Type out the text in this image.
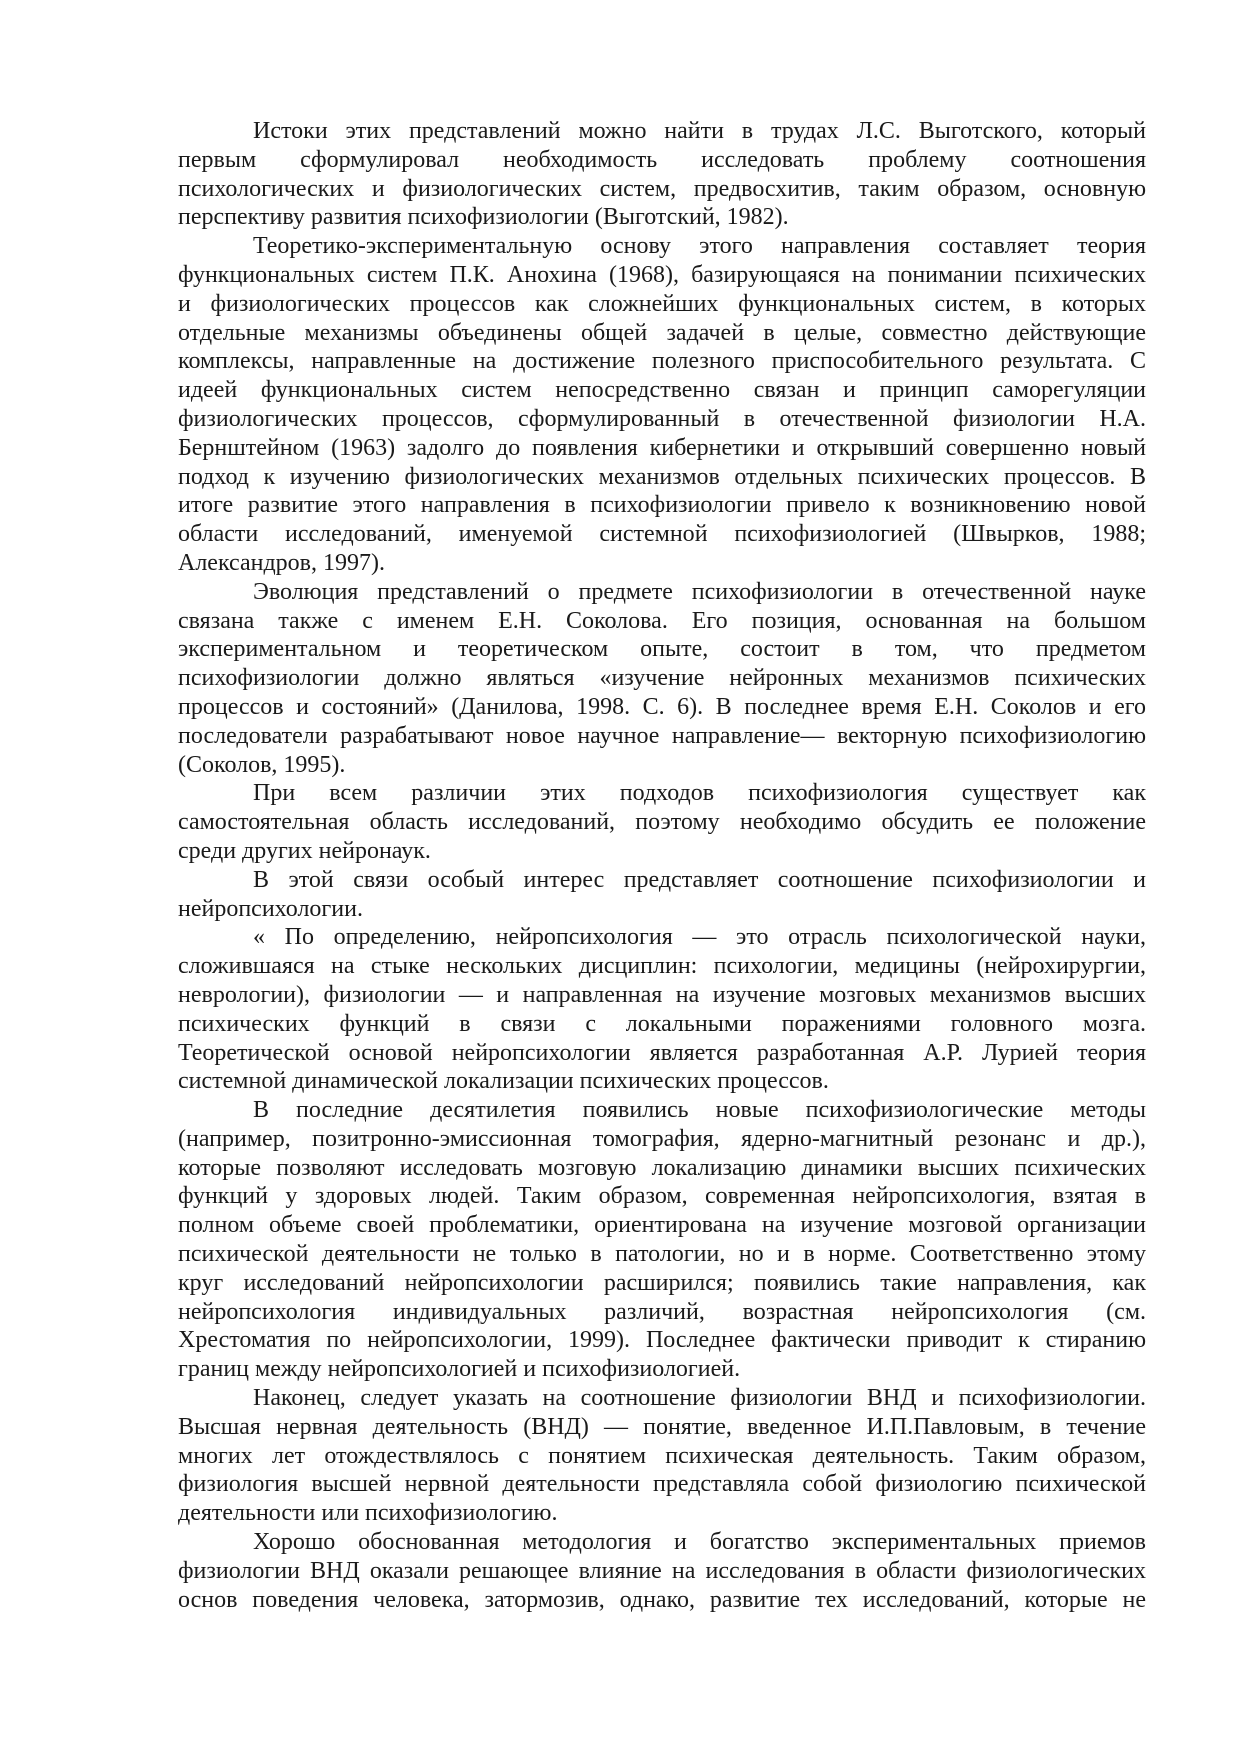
Истоки этих представлений можно найти в трудах Л.С. Выготского, который
первым сформулировал необходимость исследовать проблему соотношения
психологических и физиологических систем, предвосхитив, таким образом, основную
перспективу развития психофизиологии (Выготский, 1982).
Теоретико-экспериментальную основу этого направления составляет теория
функциональных систем П.К. Анохина (1968), базирующаяся на понимании психических
и физиологических процессов как сложнейших функциональных систем, в которых
отдельные механизмы объединены общей задачей в целые, совместно действующие
комплексы, направленные на достижение полезного приспособительного результата. С
идеей функциональных систем непосредственно связан и принцип саморегуляции
физиологических процессов, сформулированный в отечественной физиологии Н.А.
Бернштейном (1963) задолго до появления кибернетики и открывший совершенно новый
подход к изучению физиологических механизмов отдельных психических процессов. В
итоге развитие этого направления в психофизиологии привело к возникновению новой
области исследований, именуемой системной психофизиологией (Швырков, 1988;
Александров, 1997).
Эволюция представлений о предмете психофизиологии в отечественной науке
связана также с именем Е.Н. Соколова. Его позиция, основанная на большом
экспериментальном и теоретическом опыте, состоит в том, что предметом
психофизиологии должно являться «изучение нейронных механизмов психических
процессов и состояний» (Данилова, 1998. С. 6). В последнее время Е.Н. Соколов и его
последователи разрабатывают новое научное направление— векторную психофизиологию
(Соколов, 1995).
При всем различии этих подходов психофизиология существует как
самостоятельная область исследований, поэтому необходимо обсудить ее положение
среди других нейронаук.
В этой связи особый интерес представляет соотношение психофизиологии и
нейропсихологии.
« По определению, нейропсихология — это отрасль психологической науки,
сложившаяся на стыке нескольких дисциплин: психологии, медицины (нейрохирургии,
неврологии), физиологии — и направленная на изучение мозговых механизмов высших
психических функций в связи с локальными поражениями головного мозга.
Теоретической основой нейропсихологии является разработанная А.Р. Лурией теория
системной динамической локализации психических процессов.
В последние десятилетия появились новые психофизиологические методы
(например, позитронно-эмиссионная томография, ядерно-магнитный резонанс и др.),
которые позволяют исследовать мозговую локализацию динамики высших психических
функций у здоровых людей. Таким образом, современная нейропсихология, взятая в
полном объеме своей проблематики, ориентирована на изучение мозговой организации
психической деятельности не только в патологии, но и в норме. Соответственно этому
круг исследований нейропсихологии расширился; появились такие направления, как
нейропсихология индивидуальных различий, возрастная нейропсихология (см.
Хрестоматия по нейропсихологии, 1999). Последнее фактически приводит к стиранию
границ между нейропсихологией и психофизиологией.
Наконец, следует указать на соотношение физиологии ВНД и психофизиологии.
Высшая нервная деятельность (ВНД) — понятие, введенное И.П.Павловым, в течение
многих лет отождествлялось с понятием психическая деятельность. Таким образом,
физиология высшей нервной деятельности представляла собой физиологию психической
деятельности или психофизиологию.
Хорошо обоснованная методология и богатство экспериментальных приемов
физиологии ВНД оказали решающее влияние на исследования в области физиологических
основ поведения человека, затормозив, однако, развитие тех исследований, которые не
